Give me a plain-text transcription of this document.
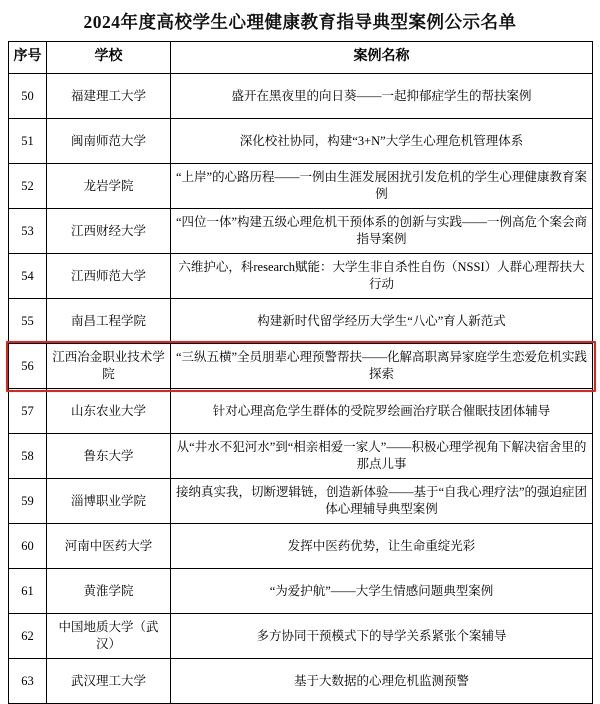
2024年度高校学生心理健康教育指导典型案例公示名单
序号	学校	案例名称
50	福建理工大学	盛开在黑夜里的向日葵——一起抑郁症学生的帮扶案例
51	闽南师范大学	深化校社协同，构建“3+N”大学生心理危机管理体系
52	龙岩学院	“上岸”的心路历程——一例由生涯发展困扰引发危机的学生心理健康教育案例
53	江西财经大学	“四位一体”构建五级心理危机干预体系的创新与实践——一例高危个案会商指导案例
54	江西师范大学	六维护心，科research赋能：大学生非自杀性自伤（NSSI）人群心理帮扶大行动
55	南昌工程学院	构建新时代留学经历大学生“八心”育人新范式
56	江西冶金职业技术学院	“三纵五横”全员朋辈心理预警帮扶——化解高职离异家庭学生恋爱危机实践探索
57	山东农业大学	针对心理高危学生群体的受院罗绘画治疗联合催眠技团体辅导
58	鲁东大学	从“井水不犯河水”到“相亲相爱一家人”——积极心理学视角下解决宿舍里的那点儿事
59	淄博职业学院	接纳真实我，切断逻辑链，创造新体验——基于“自我心理疗法”的强迫症团体心理辅导典型案例
60	河南中医药大学	发挥中医药优势，让生命重绽光彩
61	黄淮学院	“为爱护航”——大学生情感问题典型案例
62	中国地质大学（武汉）	多方协同干预模式下的导学关系紧张个案辅导
63	武汉理工大学	基于大数据的心理危机监测预警
